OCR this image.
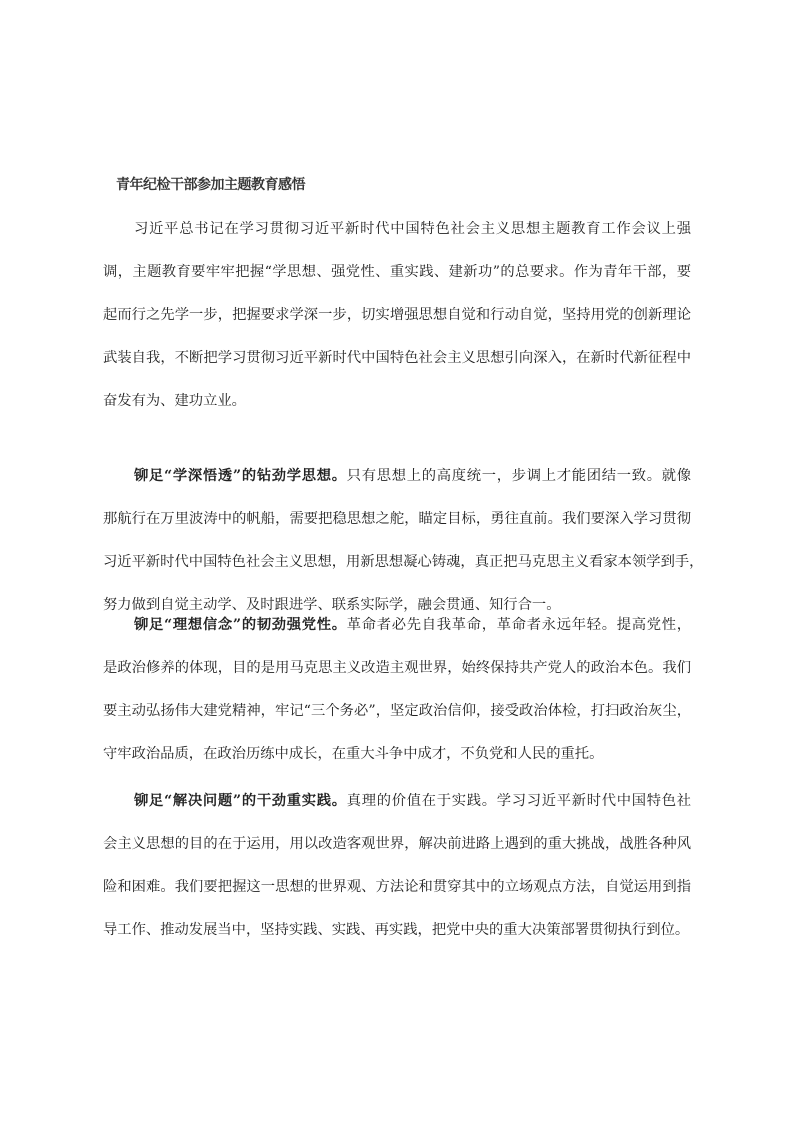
青年纪检干部参加主题教育感悟
习近平总书记在学习贯彻习近平新时代中国特色社会主义思想主题教育工作会议上强
调，主题教育要牢牢把握“学思想、强党性、重实践、建新功”的总要求。作为青年干部，要
起而行之先学一步，把握要求学深一步，切实增强思想自觉和行动自觉，坚持用党的创新理论
武装自我，不断把学习贯彻习近平新时代中国特色社会主义思想引向深入，在新时代新征程中
奋发有为、建功立业。
铆足“学深悟透”的钻劲学思想。只有思想上的高度统一，步调上才能团结一致。就像
那航行在万里波涛中的帆船，需要把稳思想之舵，瞄定目标，勇往直前。我们要深入学习贯彻
习近平新时代中国特色社会主义思想，用新思想凝心铸魂，真正把马克思主义看家本领学到手，
努力做到自觉主动学、及时跟进学、联系实际学，融会贯通、知行合一。
铆足“理想信念”的韧劲强党性。革命者必先自我革命，革命者永远年轻。提高党性，
是政治修养的体现，目的是用马克思主义改造主观世界，始终保持共产党人的政治本色。我们
要主动弘扬伟大建党精神，牢记“三个务必”，坚定政治信仰，接受政治体检，打扫政治灰尘，
守牢政治品质，在政治历练中成长，在重大斗争中成才，不负党和人民的重托。
铆足“解决问题”的干劲重实践。真理的价值在于实践。学习习近平新时代中国特色社
会主义思想的目的在于运用，用以改造客观世界，解决前进路上遇到的重大挑战，战胜各种风
险和困难。我们要把握这一思想的世界观、方法论和贯穿其中的立场观点方法，自觉运用到指
导工作、推动发展当中，坚持实践、实践、再实践，把党中央的重大决策部署贯彻执行到位。
